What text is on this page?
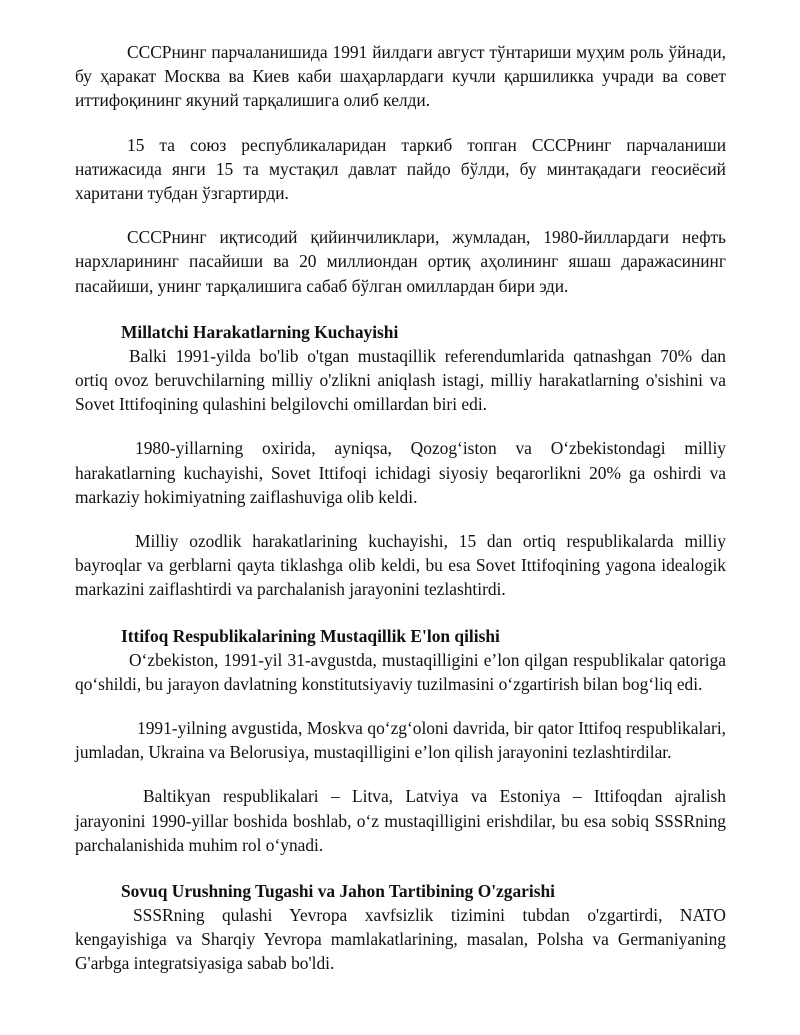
СССРнинг парчаланишида 1991 йилдаги август тўнтариши муҳим роль ўйнади, бу ҳаракат Москва ва Киев каби шаҳарлардаги кучли қаршиликка учради ва совет иттифоқининг якуний тарқалишига олиб келди.

15 та союз республикаларидан таркиб топган СССРнинг парчаланиши натижасида янги 15 та мустақил давлат пайдо бўлди, бу минтақадаги геосиёсий харитани тубдан ўзгартирди.

СССРнинг иқтисодий қийинчиликлари, жумладан, 1980-йиллардаги нефть нархларининг пасайиши ва 20 миллиондан ортиқ аҳолининг яшаш даражасининг пасайиши, унинг тарқалишига сабаб бўлган омиллардан бири эди.

Millatchi Harakatlarning Kuchayishi

Balki 1991-yilda bo'lib o'tgan mustaqillik referendumlarida qatnashgan 70% dan ortiq ovoz beruvchilarning milliy o'zlikni aniqlash istagi, milliy harakatlarning o'sishini va Sovet Ittifoqining qulashini belgilovchi omillardan biri edi.

1980-yillarning oxirida, ayniqsa, Qozog‘iston va O‘zbekistondagi milliy harakatlarning kuchayishi, Sovet Ittifoqi ichidagi siyosiy beqarorlikni 20% ga oshirdi va markaziy hokimiyatning zaiflashuviga olib keldi.

Milliy ozodlik harakatlarining kuchayishi, 15 dan ortiq respublikalarda milliy bayroqlar va gerblarni qayta tiklashga olib keldi, bu esa Sovet Ittifoqining yagona idealogik markazini zaiflashtirdi va parchalanish jarayonini tezlashtirdi.

Ittifoq Respublikalarining Mustaqillik E'lon qilishi

O‘zbekiston, 1991-yil 31-avgustda, mustaqilligini e’lon qilgan respublikalar qatoriga qo‘shildi, bu jarayon davlatning konstitutsiyaviy tuzilmasini o‘zgartirish bilan bog‘liq edi.

1991-yilning avgustida, Moskva qo‘zg‘oloni davrida, bir qator Ittifoq respublikalari, jumladan, Ukraina va Belorusiya, mustaqilligini e’lon qilish jarayonini tezlashtirdilar.

Baltikyan respublikalari – Litva, Latviya va Estoniya – Ittifoqdan ajralish jarayonini 1990-yillar boshida boshlab, o‘z mustaqilligini erishdilar, bu esa sobiq SSSRning parchalanishida muhim rol o‘ynadi.

Sovuq Urushning Tugashi va Jahon Tartibining O'zgarishi

SSSRning qulashi Yevropa xavfsizlik tizimini tubdan o'zgartirdi, NATO kengayishiga va Sharqiy Yevropa mamlakatlarining, masalan, Polsha va Germaniyaning G'arbga integratsiyasiga sabab bo'ldi.
